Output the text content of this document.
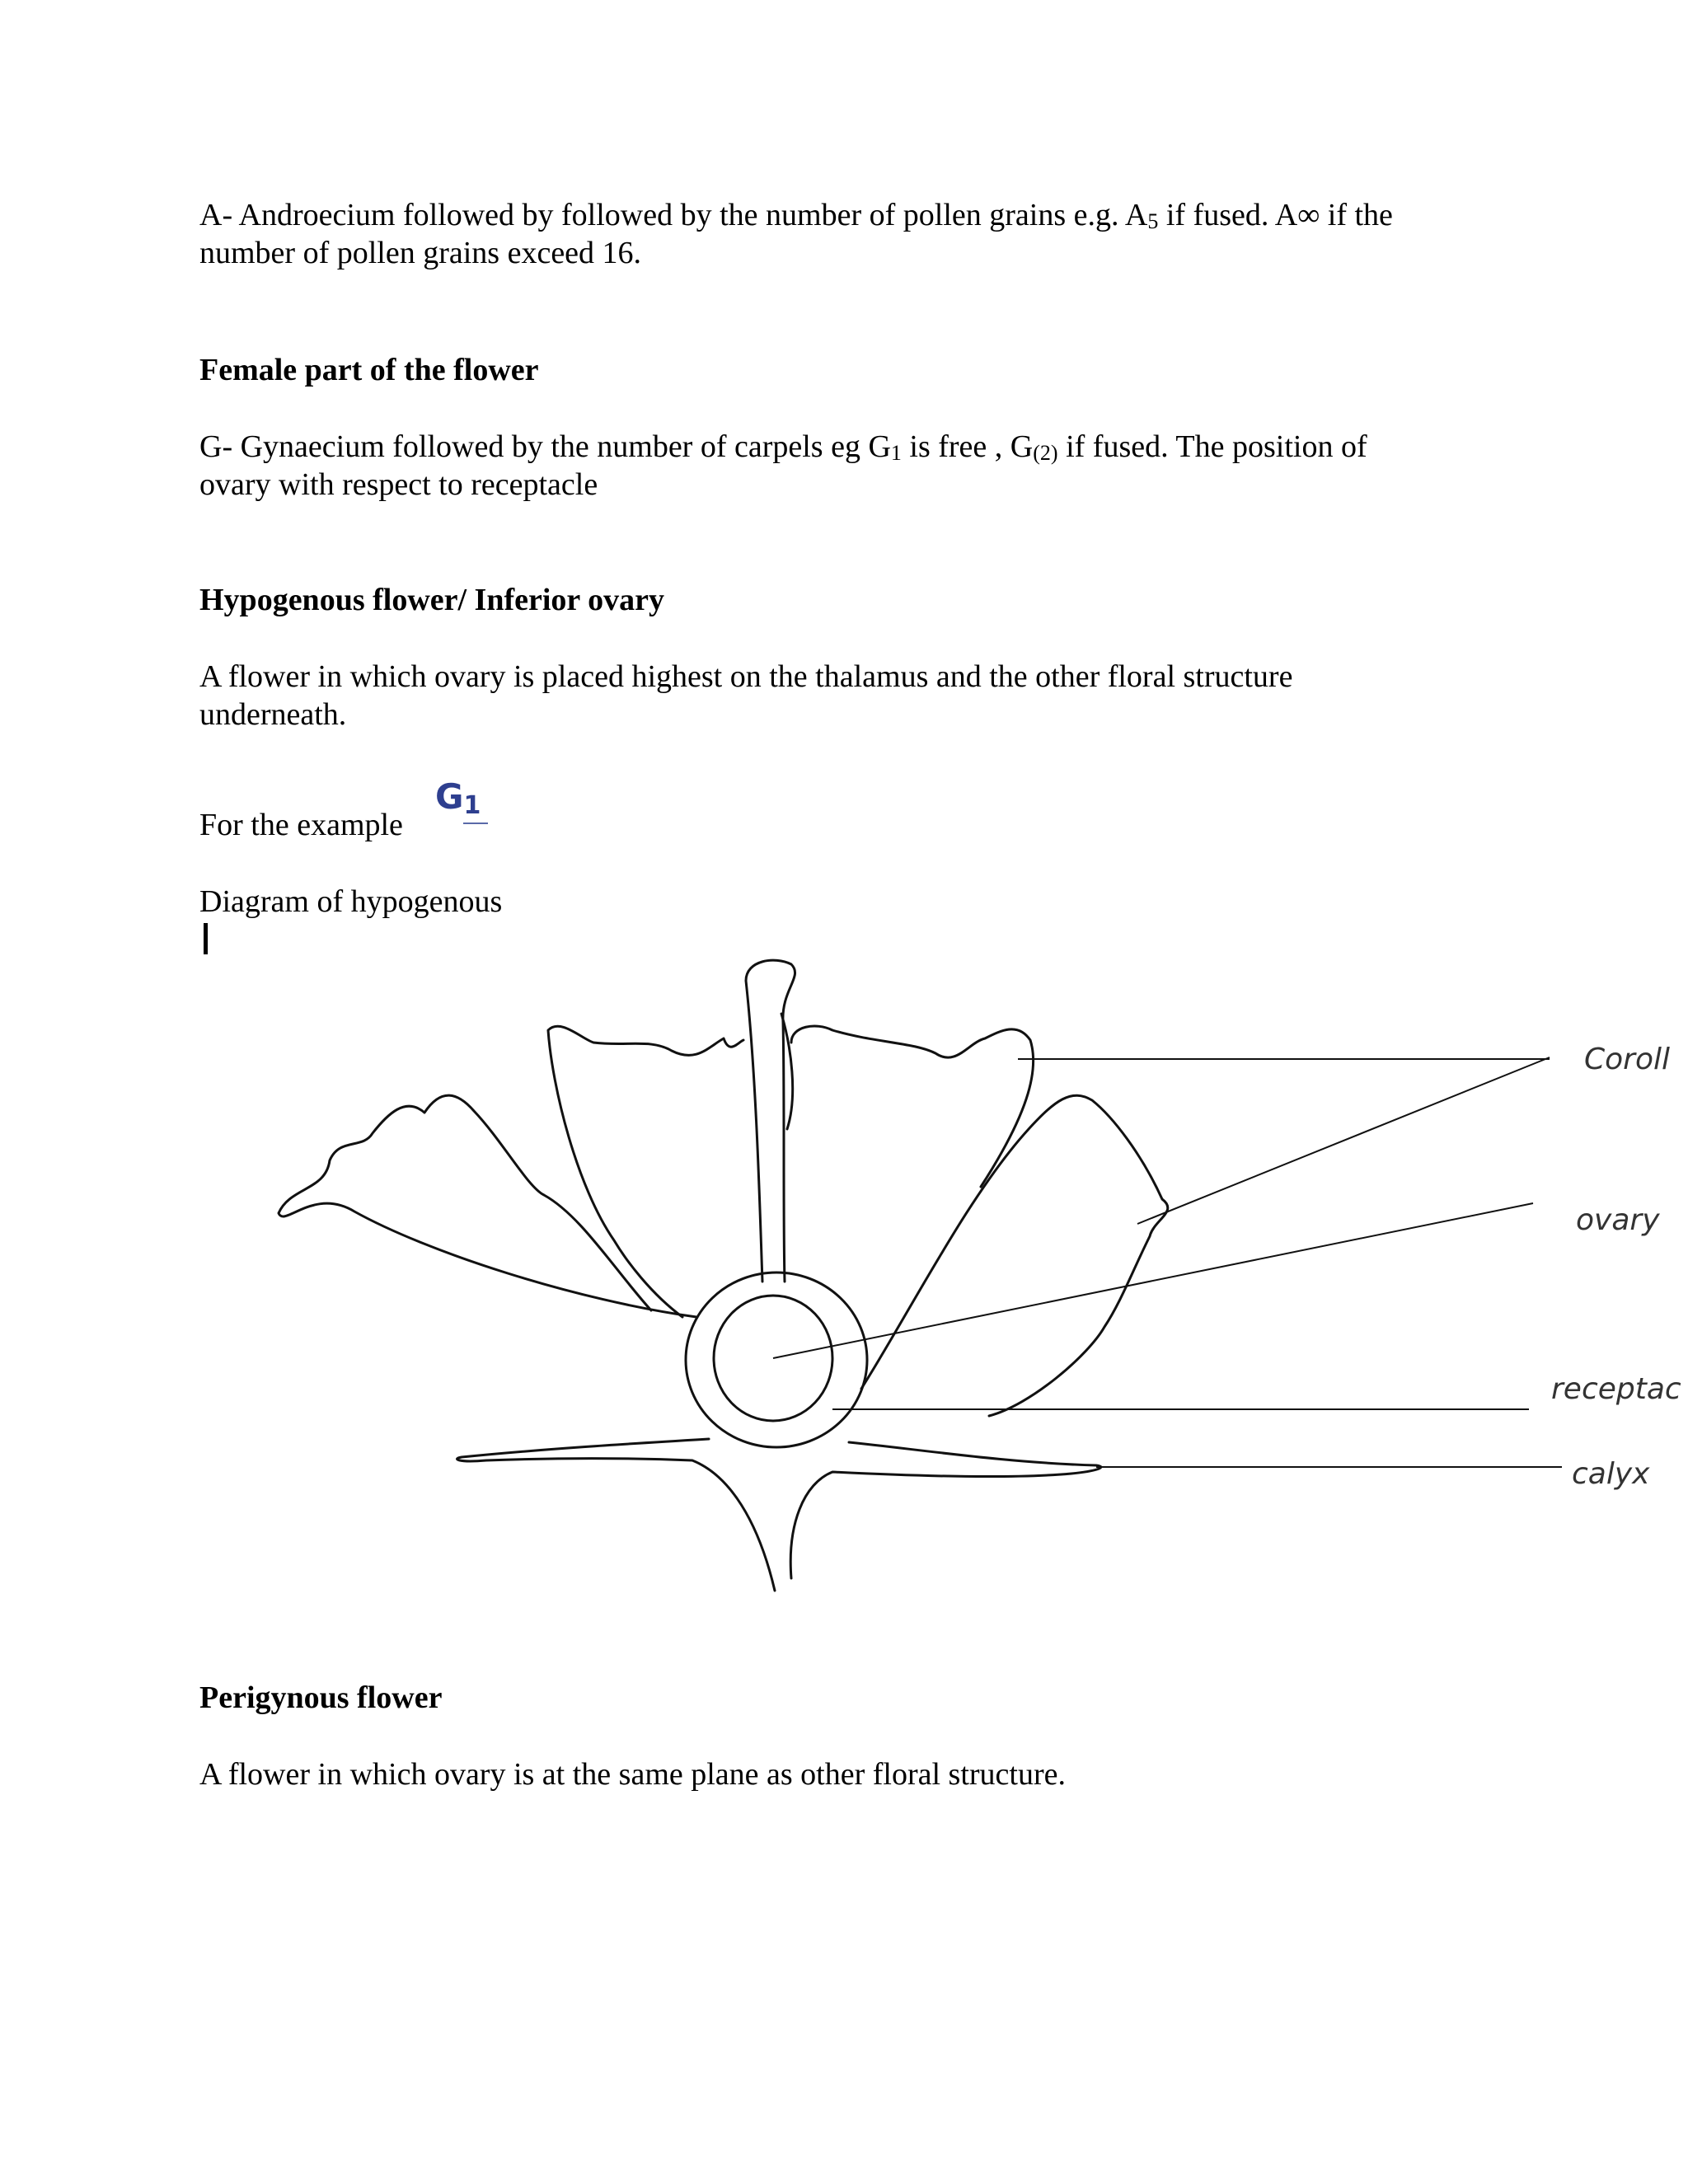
A- Androecium followed by followed by the number of pollen grains e.g. $A_5$ if fused. A∞ if the
number of pollen grains exceed 16.
Female part of the flower
G- Gynaecium followed by the number of carpels eg $G_1$ is free , $G_{(2)}$ if fused. The position of
ovary with respect to receptacle
Hypogenous flower/ Inferior ovary
A flower in which ovary is placed highest on the thalamus and the other floral structure
underneath.
For the example
$G_1$
Diagram of hypogenous
Coroll
ovary
receptac
calyx
Perigynous flower
A flower in which ovary is at the same plane as other floral structure.
